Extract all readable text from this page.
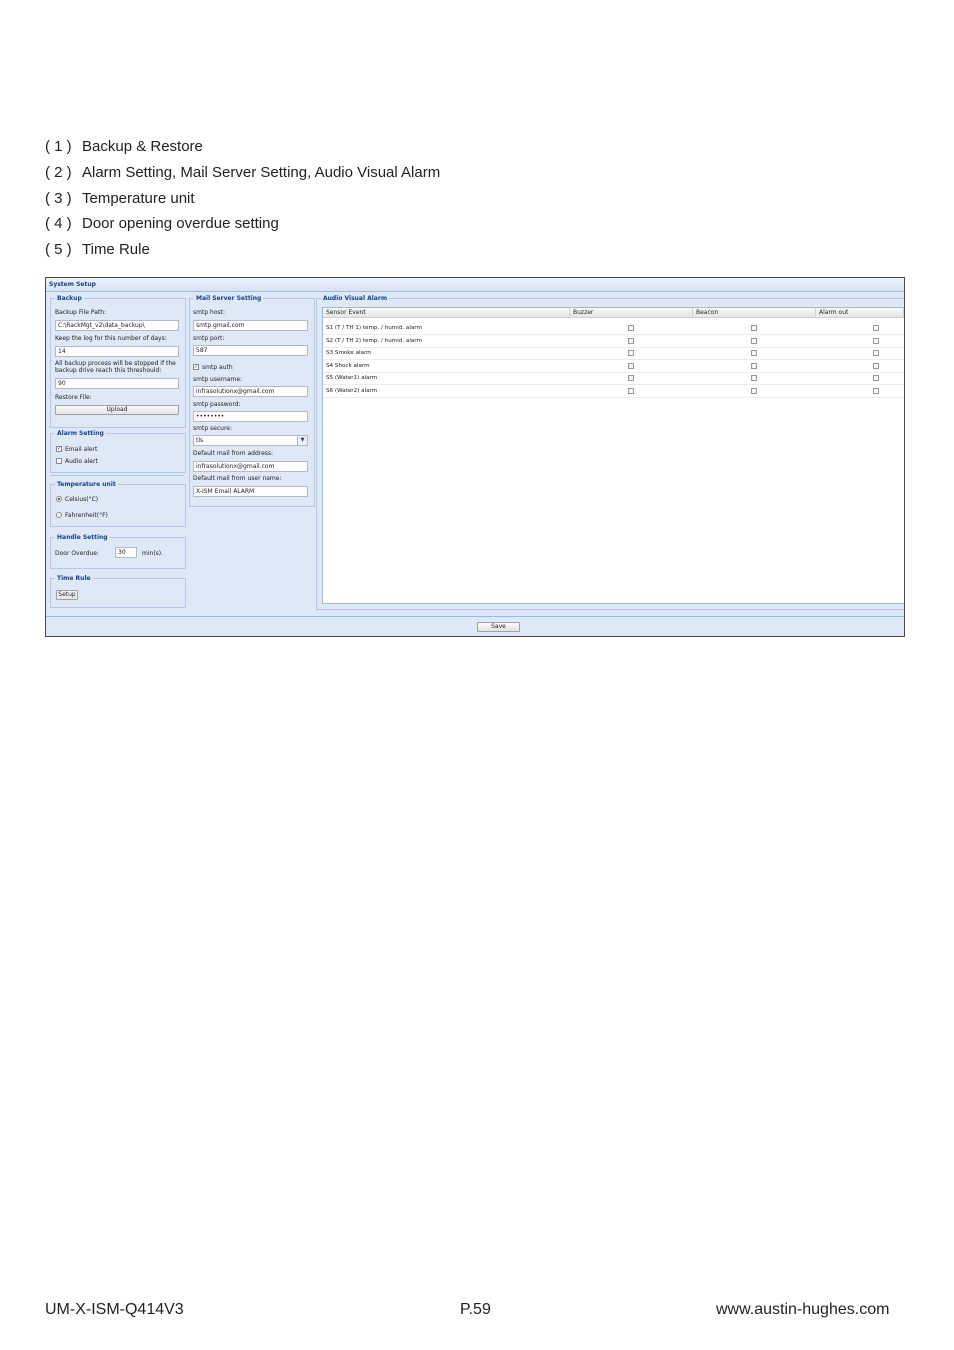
( 1 ) Backup & Restore
( 2 ) Alarm Setting, Mail Server Setting, Audio Visual Alarm
( 3 ) Temperature unit
( 4 ) Door opening overdue setting
( 5 ) Time Rule
System Setup
Backup
Backup File Path:
C:\RackMgt_v2\data_backup\
Keep the log for this number of days:
14
All backup process will be stopped if the
backup drive reach this threshould:
90
Restore File:
Upload
Alarm Setting
✓ Email alert
Audio alert
Temperature unit
Celsius(°C)
Fahrenheit(°F)
Handle Setting
Door Overdue:	30	min(s).
Time Rule
Setup
Mail Server Setting
smtp host:
smtp.gmail.com
smtp port:
587
✓ smtp auth
smtp username:
infrasolutionx@gmail.com
smtp password:
••••••••
smtp secure:
tls	▼
Default mail from address:
infrasolutionx@gmail.com
Default mail from user name:
X-ISM Email ALARM
Audio Visual Alarm
Sensor Event	Buzzer	Beacon	Alarm out
S1 (T / TH 1) temp. / humid. alarm
S2 (T / TH 2) temp. / humid. alarm
S3 Smoke alarm
S4 Shock alarm
S5 (Water1) alarm
S6 (Water2) alarm
Save
UM-X-ISM-Q414V3	P.59	www.austin-hughes.com
